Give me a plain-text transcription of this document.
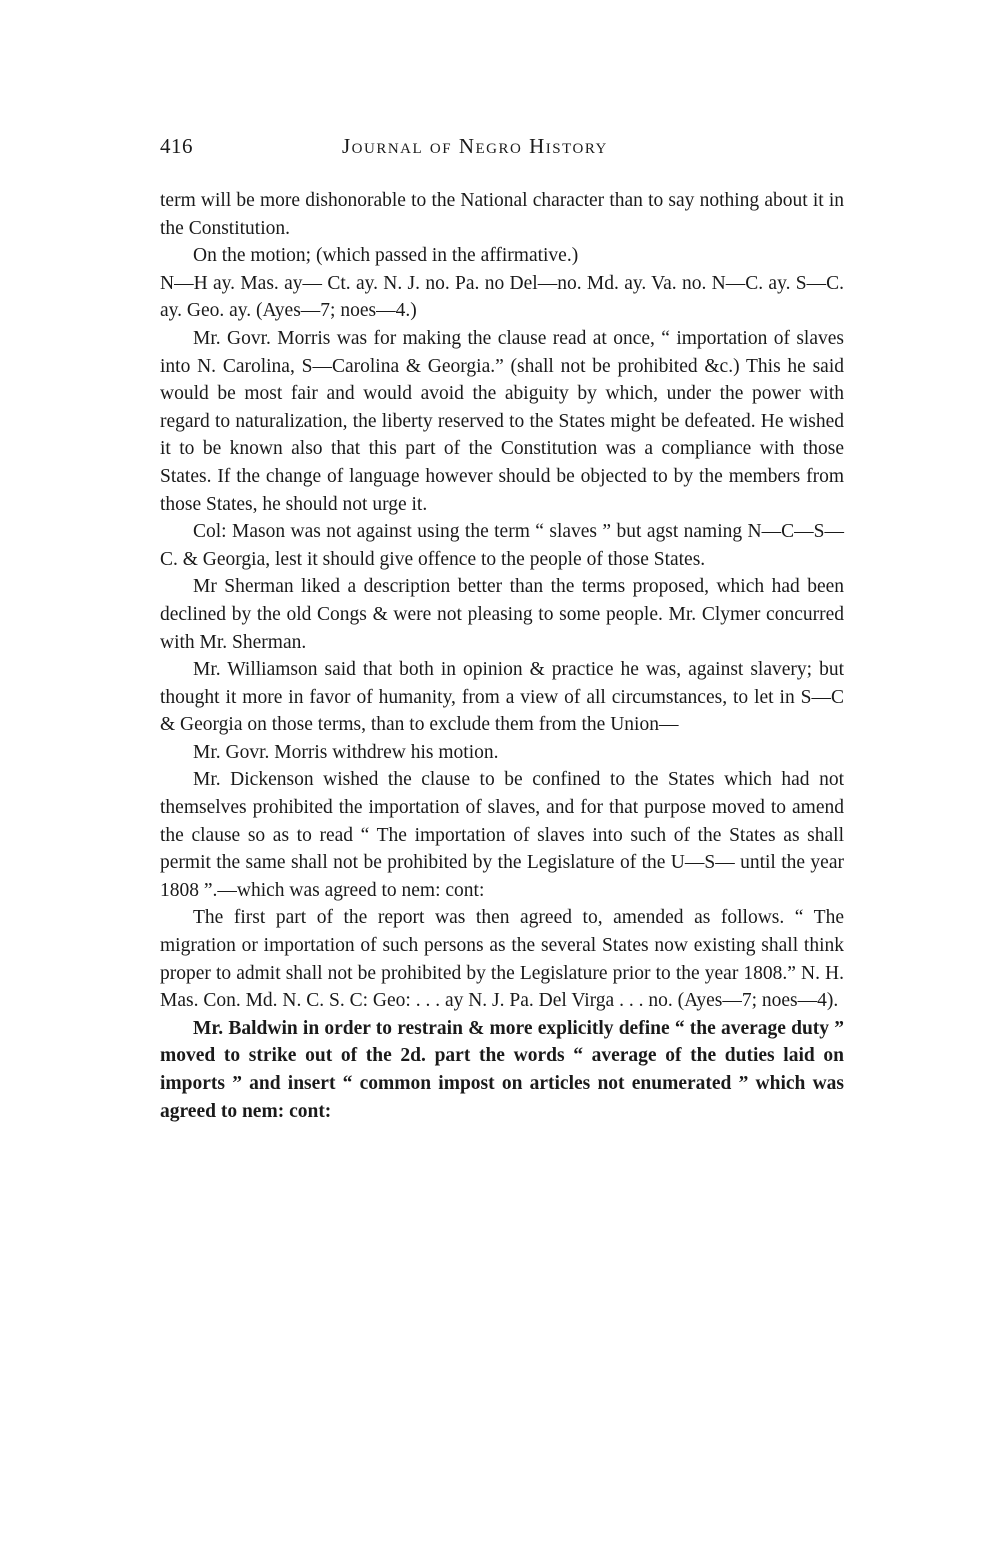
416	Journal of Negro History

term will be more dishonorable to the National character than to say nothing about it in the Constitution.

On the motion; (which passed in the affirmative.)

N—H ay. Mas. ay— Ct. ay. N. J. no. Pa. no Del—no. Md. ay. Va. no. N—C. ay. S—C. ay. Geo. ay. (Ayes—7; noes—4.)

Mr. Govr. Morris was for making the clause read at once, “ importation of slaves into N. Carolina, S—Carolina & Georgia.” (shall not be prohibited &c.) This he said would be most fair and would avoid the abiguity by which, under the power with regard to naturalization, the liberty reserved to the States might be defeated. He wished it to be known also that this part of the Constitution was a compliance with those States. If the change of language however should be objected to by the members from those States, he should not urge it.

Col: Mason was not against using the term “ slaves ” but agst naming N—C—S—C. & Georgia, lest it should give offence to the people of those States.

Mr Sherman liked a description better than the terms proposed, which had been declined by the old Congs & were not pleasing to some people. Mr. Clymer concurred with Mr. Sherman.

Mr. Williamson said that both in opinion & practice he was, against slavery; but thought it more in favor of humanity, from a view of all circumstances, to let in S—C & Georgia on those terms, than to exclude them from the Union—

Mr. Govr. Morris withdrew his motion.

Mr. Dickenson wished the clause to be confined to the States which had not themselves prohibited the importation of slaves, and for that purpose moved to amend the clause so as to read “ The importation of slaves into such of the States as shall permit the same shall not be prohibited by the Legislature of the U—S— until the year 1808 ”.—which was agreed to nem: cont:

The first part of the report was then agreed to, amended as follows. “ The migration or importation of such persons as the several States now existing shall think proper to admit shall not be prohibited by the Legislature prior to the year 1808.” N. H. Mas. Con. Md. N. C. S. C: Geo: . . . ay N. J. Pa. Del Virga . . . no. (Ayes—7; noes—4).

Mr. Baldwin in order to restrain & more explicitly define “ the average duty ” moved to strike out of the 2d. part the words “ average of the duties laid on imports ” and insert “ common impost on articles not enumerated ” which was agreed to nem: cont:
